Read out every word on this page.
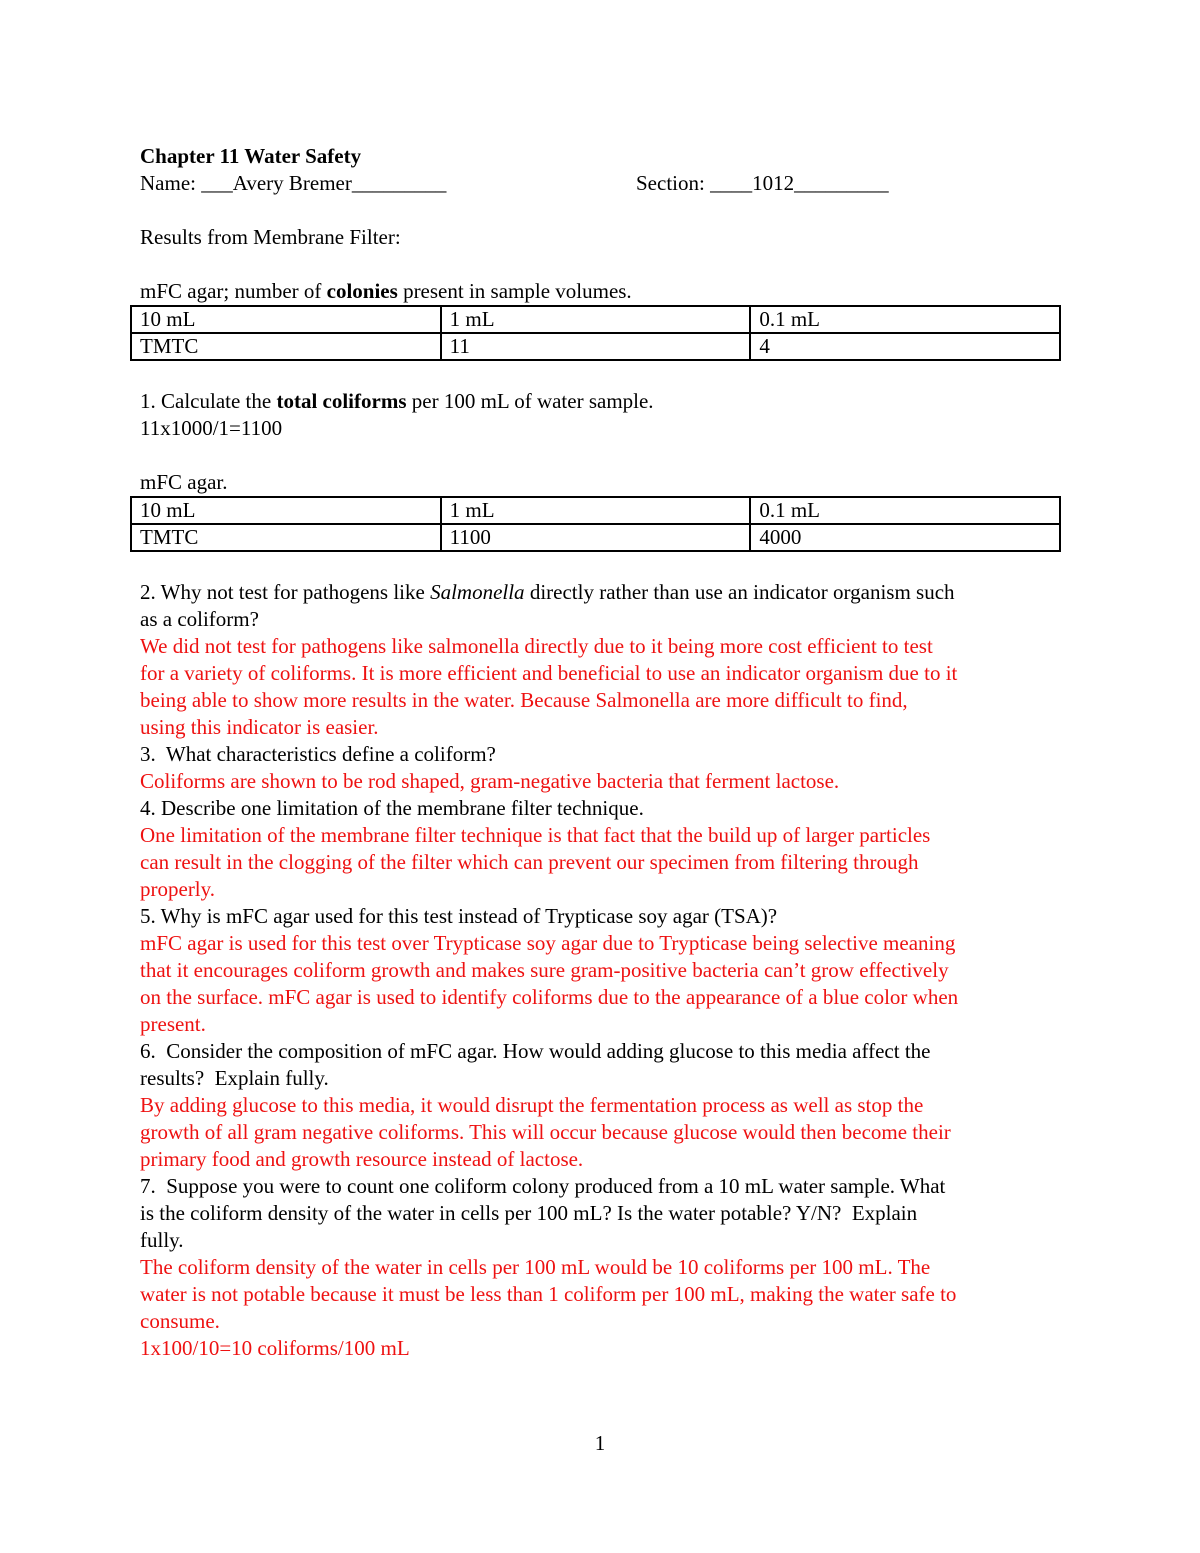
Chapter 11 Water Safety
Name: ___Avery Bremer_________	Section: ____1012_________
Results from Membrane Filter:
mFC agar; number of colonies present in sample volumes.
10 mL	1 mL	0.1 mL
TMTC	11	4
1. Calculate the total coliforms per 100 mL of water sample.
11x1000/1=1100
mFC agar.
10 mL	1 mL	0.1 mL
TMTC	1100	4000
2. Why not test for pathogens like Salmonella directly rather than use an indicator organism such
as a coliform?
We did not test for pathogens like salmonella directly due to it being more cost efficient to test
for a variety of coliforms. It is more efficient and beneficial to use an indicator organism due to it
being able to show more results in the water. Because Salmonella are more difficult to find,
using this indicator is easier.
3.  What characteristics define a coliform?
Coliforms are shown to be rod shaped, gram-negative bacteria that ferment lactose.
4. Describe one limitation of the membrane filter technique.
One limitation of the membrane filter technique is that fact that the build up of larger particles
can result in the clogging of the filter which can prevent our specimen from filtering through
properly.
5. Why is mFC agar used for this test instead of Trypticase soy agar (TSA)?
mFC agar is used for this test over Trypticase soy agar due to Trypticase being selective meaning
that it encourages coliform growth and makes sure gram-positive bacteria can’t grow effectively
on the surface. mFC agar is used to identify coliforms due to the appearance of a blue color when
present.
6.  Consider the composition of mFC agar. How would adding glucose to this media affect the
results?  Explain fully.
By adding glucose to this media, it would disrupt the fermentation process as well as stop the
growth of all gram negative coliforms. This will occur because glucose would then become their
primary food and growth resource instead of lactose.
7.  Suppose you were to count one coliform colony produced from a 10 mL water sample. What
is the coliform density of the water in cells per 100 mL? Is the water potable? Y/N?  Explain
fully.
The coliform density of the water in cells per 100 mL would be 10 coliforms per 100 mL. The
water is not potable because it must be less than 1 coliform per 100 mL, making the water safe to
consume.
1x100/10=10 coliforms/100 mL
1
